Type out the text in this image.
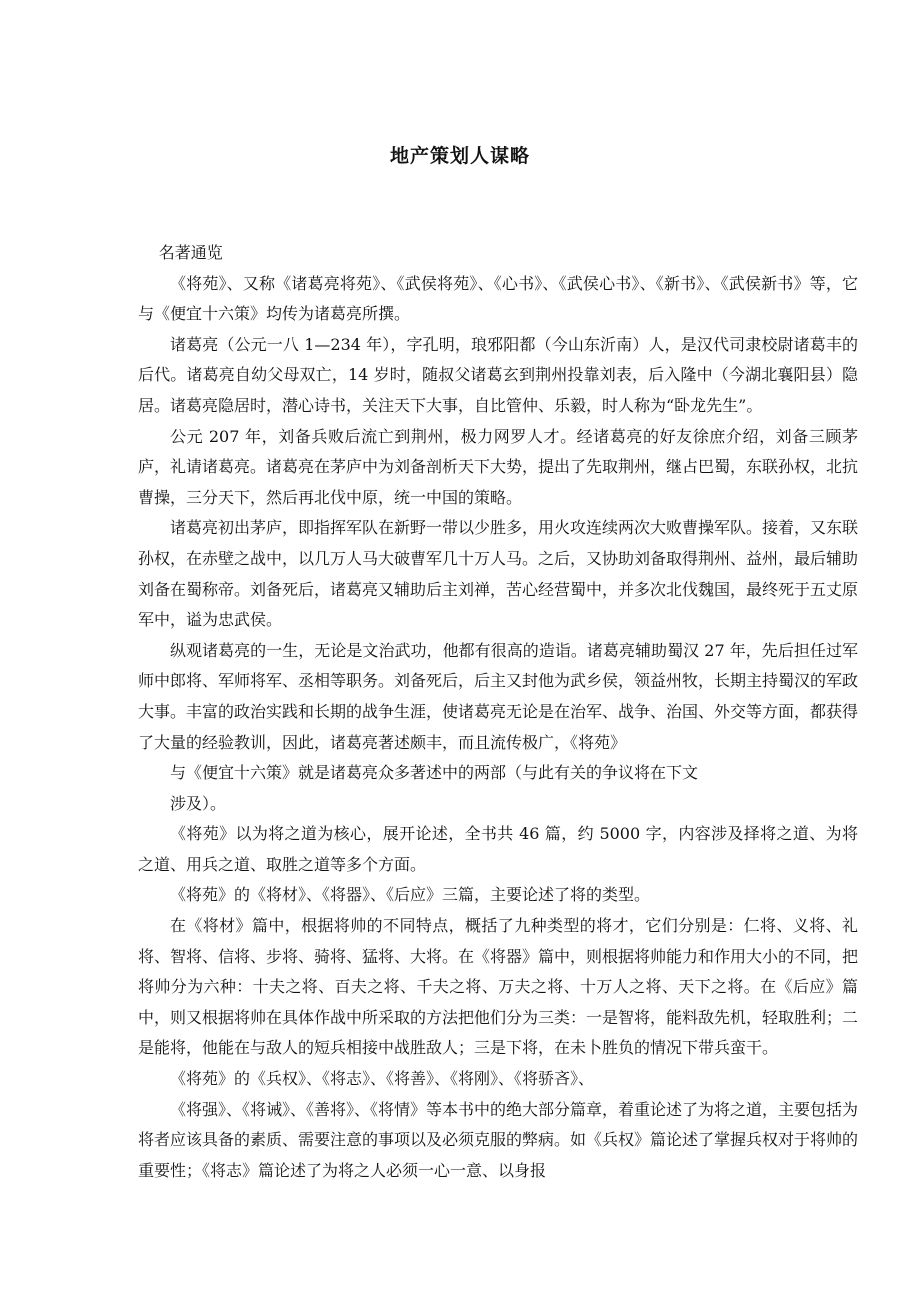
地产策划人谋略

名著通览

《将苑》、又称《诸葛亮将苑》、《武侯将苑》、《心书》、《武侯心书》、《新书》、《武侯新书》等，它与《便宜十六策》均传为诸葛亮所撰。

诸葛亮（公元一八 1—234 年），字孔明，琅邪阳都（今山东沂南）人，是汉代司隶校尉诸葛丰的后代。诸葛亮自幼父母双亡，14 岁时，随叔父诸葛玄到荆州投靠刘表，后入隆中（今湖北襄阳县）隐居。诸葛亮隐居时，潜心诗书，关注天下大事，自比管仲、乐毅，时人称为“卧龙先生”。

公元 207 年，刘备兵败后流亡到荆州，极力网罗人才。经诸葛亮的好友徐庶介绍，刘备三顾茅庐，礼请诸葛亮。诸葛亮在茅庐中为刘备剖析天下大势，提出了先取荆州，继占巴蜀，东联孙权，北抗曹操，三分天下，然后再北伐中原，统一中国的策略。

诸葛亮初出茅庐，即指挥军队在新野一带以少胜多，用火攻连续两次大败曹操军队。接着，又东联孙权，在赤壁之战中，以几万人马大破曹军几十万人马。之后，又协助刘备取得荆州、益州，最后辅助刘备在蜀称帝。刘备死后，诸葛亮又辅助后主刘禅，苦心经营蜀中，并多次北伐魏国，最终死于五丈原军中，谥为忠武侯。

纵观诸葛亮的一生，无论是文治武功，他都有很高的造诣。诸葛亮辅助蜀汉 27 年，先后担任过军师中郎将、军师将军、丞相等职务。刘备死后，后主又封他为武乡侯，领益州牧，长期主持蜀汉的军政大事。丰富的政治实践和长期的战争生涯，使诸葛亮无论是在治军、战争、治国、外交等方面，都获得了大量的经验教训，因此，诸葛亮著述颇丰，而且流传极广，《将苑》

与《便宜十六策》就是诸葛亮众多著述中的两部（与此有关的争议将在下文

涉及）。

《将苑》以为将之道为核心，展开论述，全书共 46 篇，约 5000 字，内容涉及择将之道、为将之道、用兵之道、取胜之道等多个方面。

《将苑》的《将材》、《将器》、《后应》三篇，主要论述了将的类型。

在《将材》篇中，根据将帅的不同特点，概括了九种类型的将才，它们分别是：仁将、义将、礼将、智将、信将、步将、骑将、猛将、大将。在《将器》篇中，则根据将帅能力和作用大小的不同，把将帅分为六种：十夫之将、百夫之将、千夫之将、万夫之将、十万人之将、天下之将。在《后应》篇中，则又根据将帅在具体作战中所采取的方法把他们分为三类：一是智将，能料敌先机，轻取胜利；二是能将，他能在与敌人的短兵相接中战胜敌人；三是下将，在未卜胜负的情况下带兵蛮干。

《将苑》的《兵权》、《将志》、《将善》、《将刚》、《将骄吝》、

《将强》、《将诫》、《善将》、《将情》等本书中的绝大部分篇章，着重论述了为将之道，主要包括为将者应该具备的素质、需要注意的事项以及必须克服的弊病。如《兵权》篇论述了掌握兵权对于将帅的重要性；《将志》篇论述了为将之人必须一心一意、以身报
